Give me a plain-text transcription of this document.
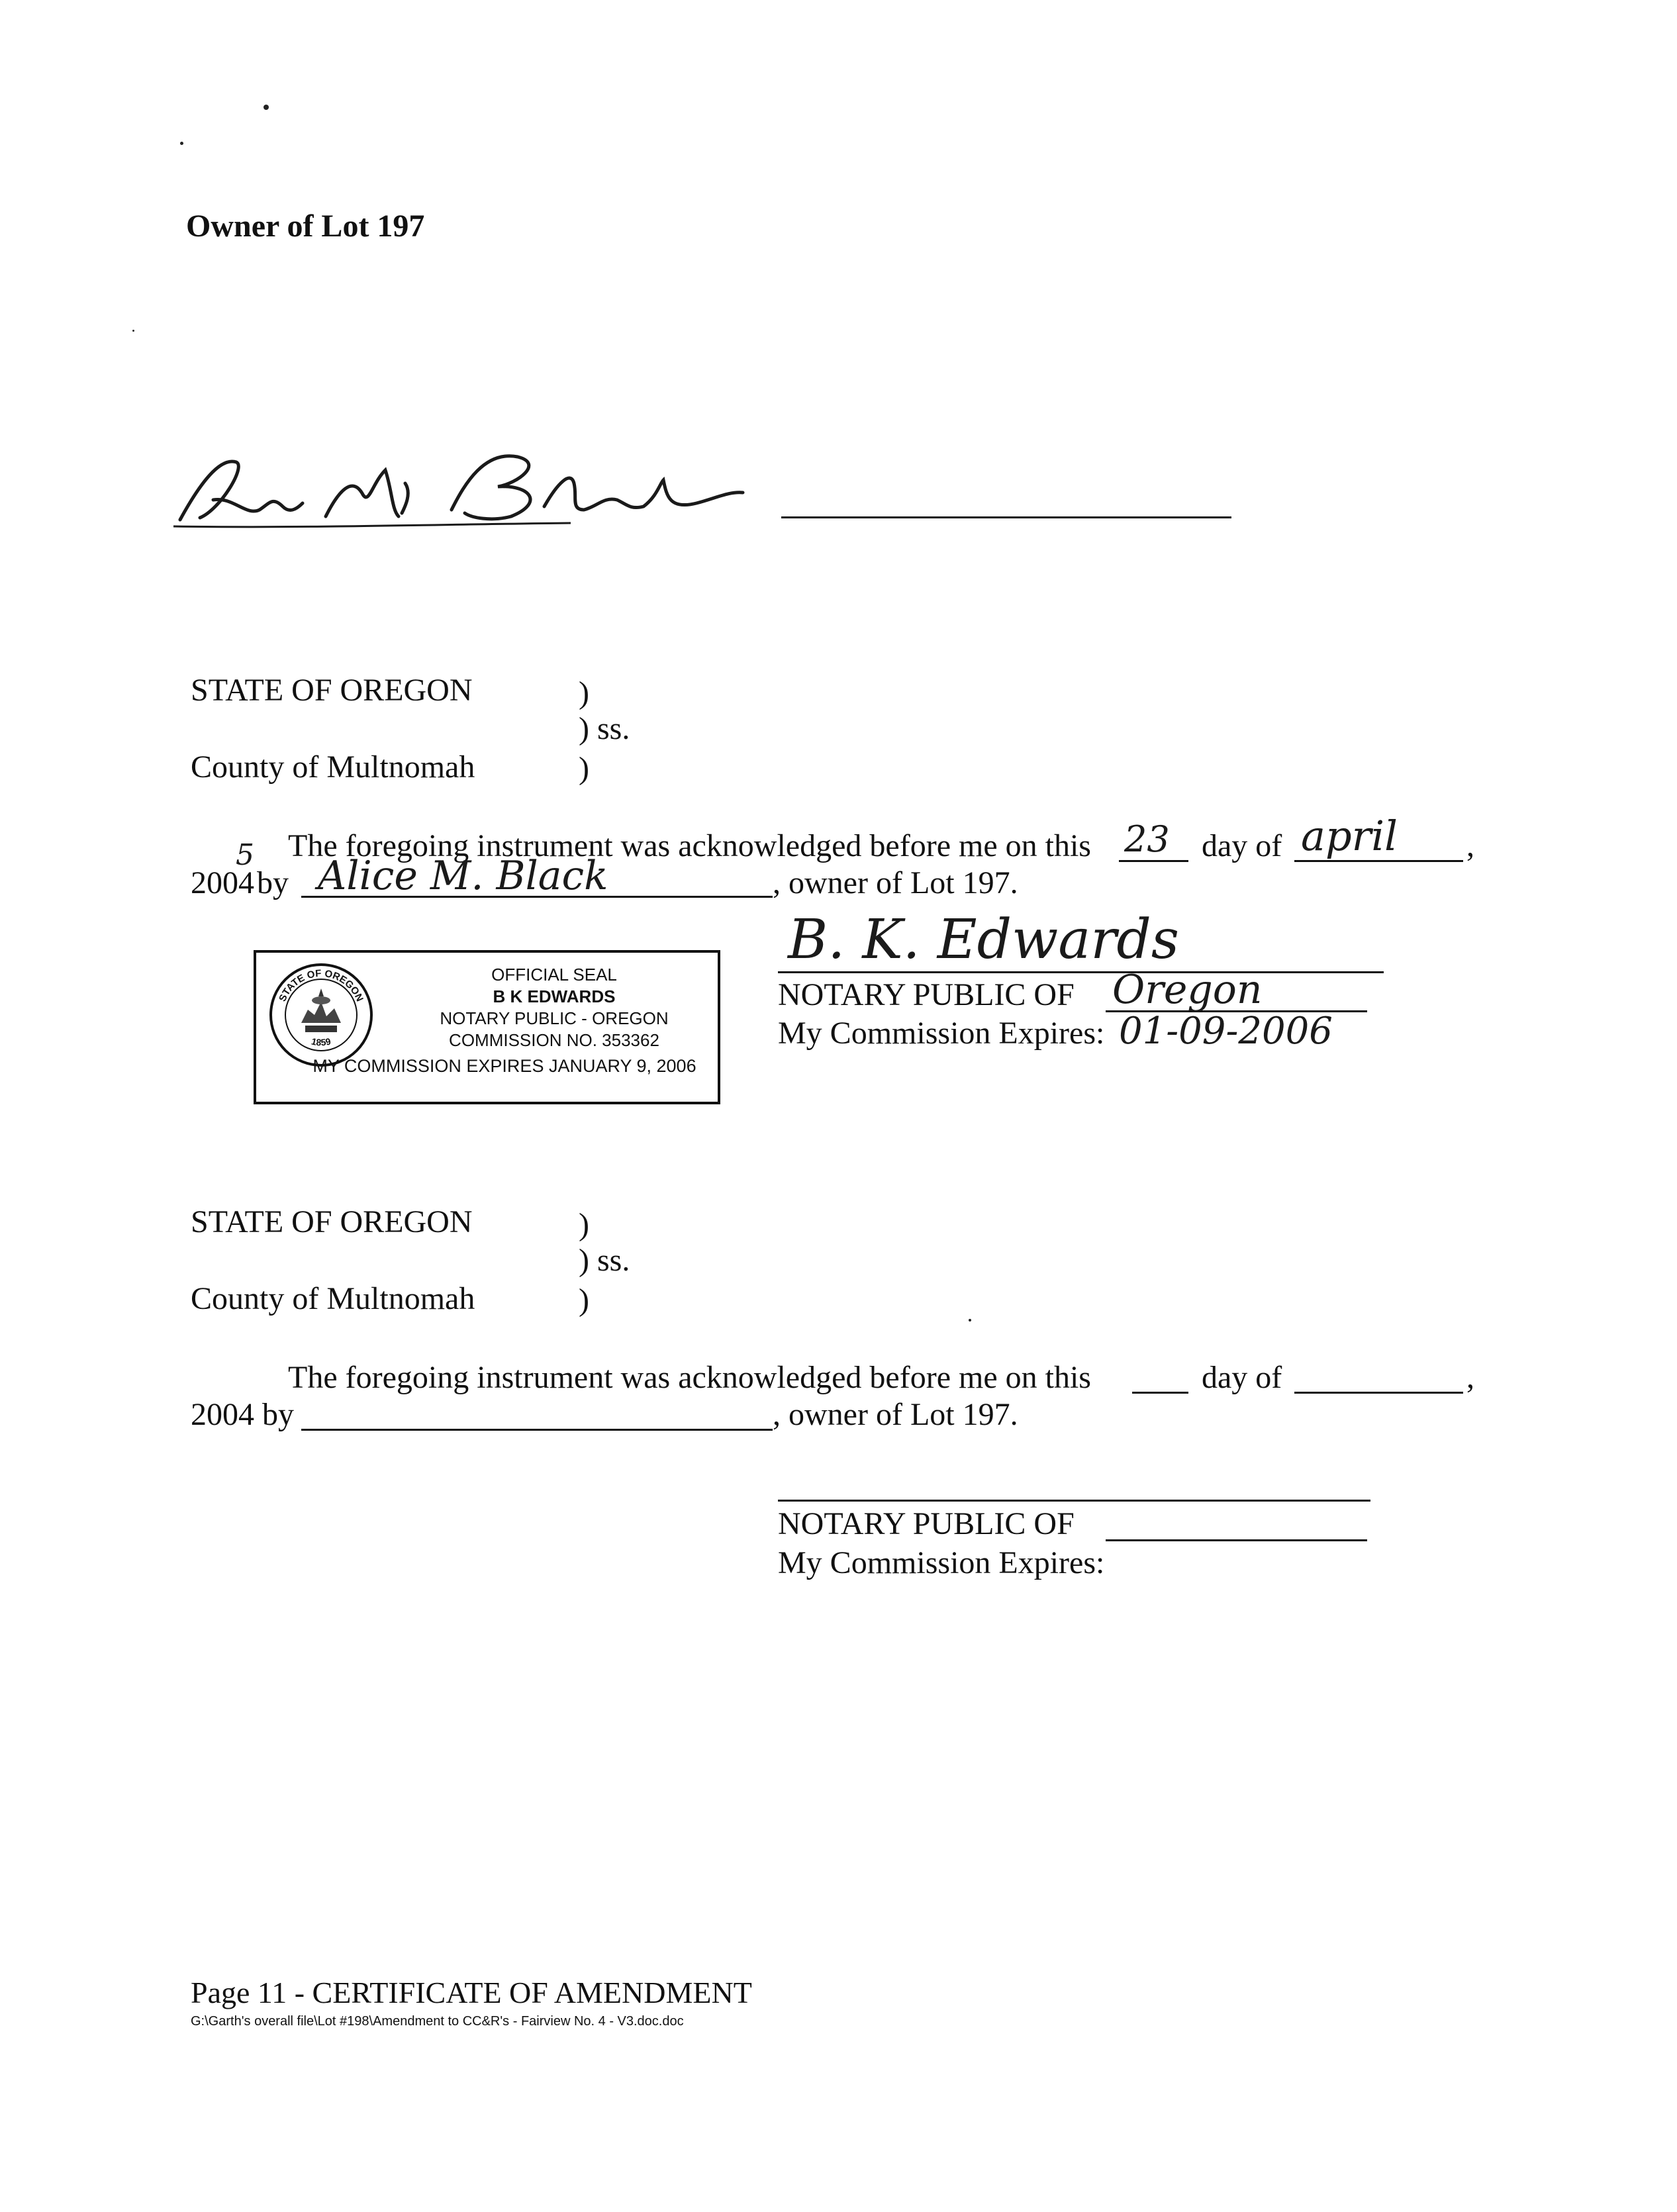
Owner of Lot 197
STATE OF OREGON	)
) ss.
County of Multnomah	)
The foregoing instrument was acknowledged before me on this 23 day of april ,
200 4
5
by Alice M. Black	, owner of Lot 197.
B. K. Edwards
NOTARY PUBLIC OF Oregon
My Commission Expires: 01-09-2006
STATE OF OREGON
1859
OFFICIAL SEAL
B K EDWARDS
NOTARY PUBLIC - OREGON
COMMISSION NO. 353362
MY COMMISSION EXPIRES JANUARY 9, 2006
STATE OF OREGON	)
) ss.
County of Multnomah	)
The foregoing instrument was acknowledged before me on this	day of	,
2004 by	, owner of Lot 197.
NOTARY PUBLIC OF
My Commission Expires:
Page 11 - CERTIFICATE OF AMENDMENT
G:\Garth's overall file\Lot #198\Amendment to CC&R's - Fairview No. 4 - V3.doc.doc
